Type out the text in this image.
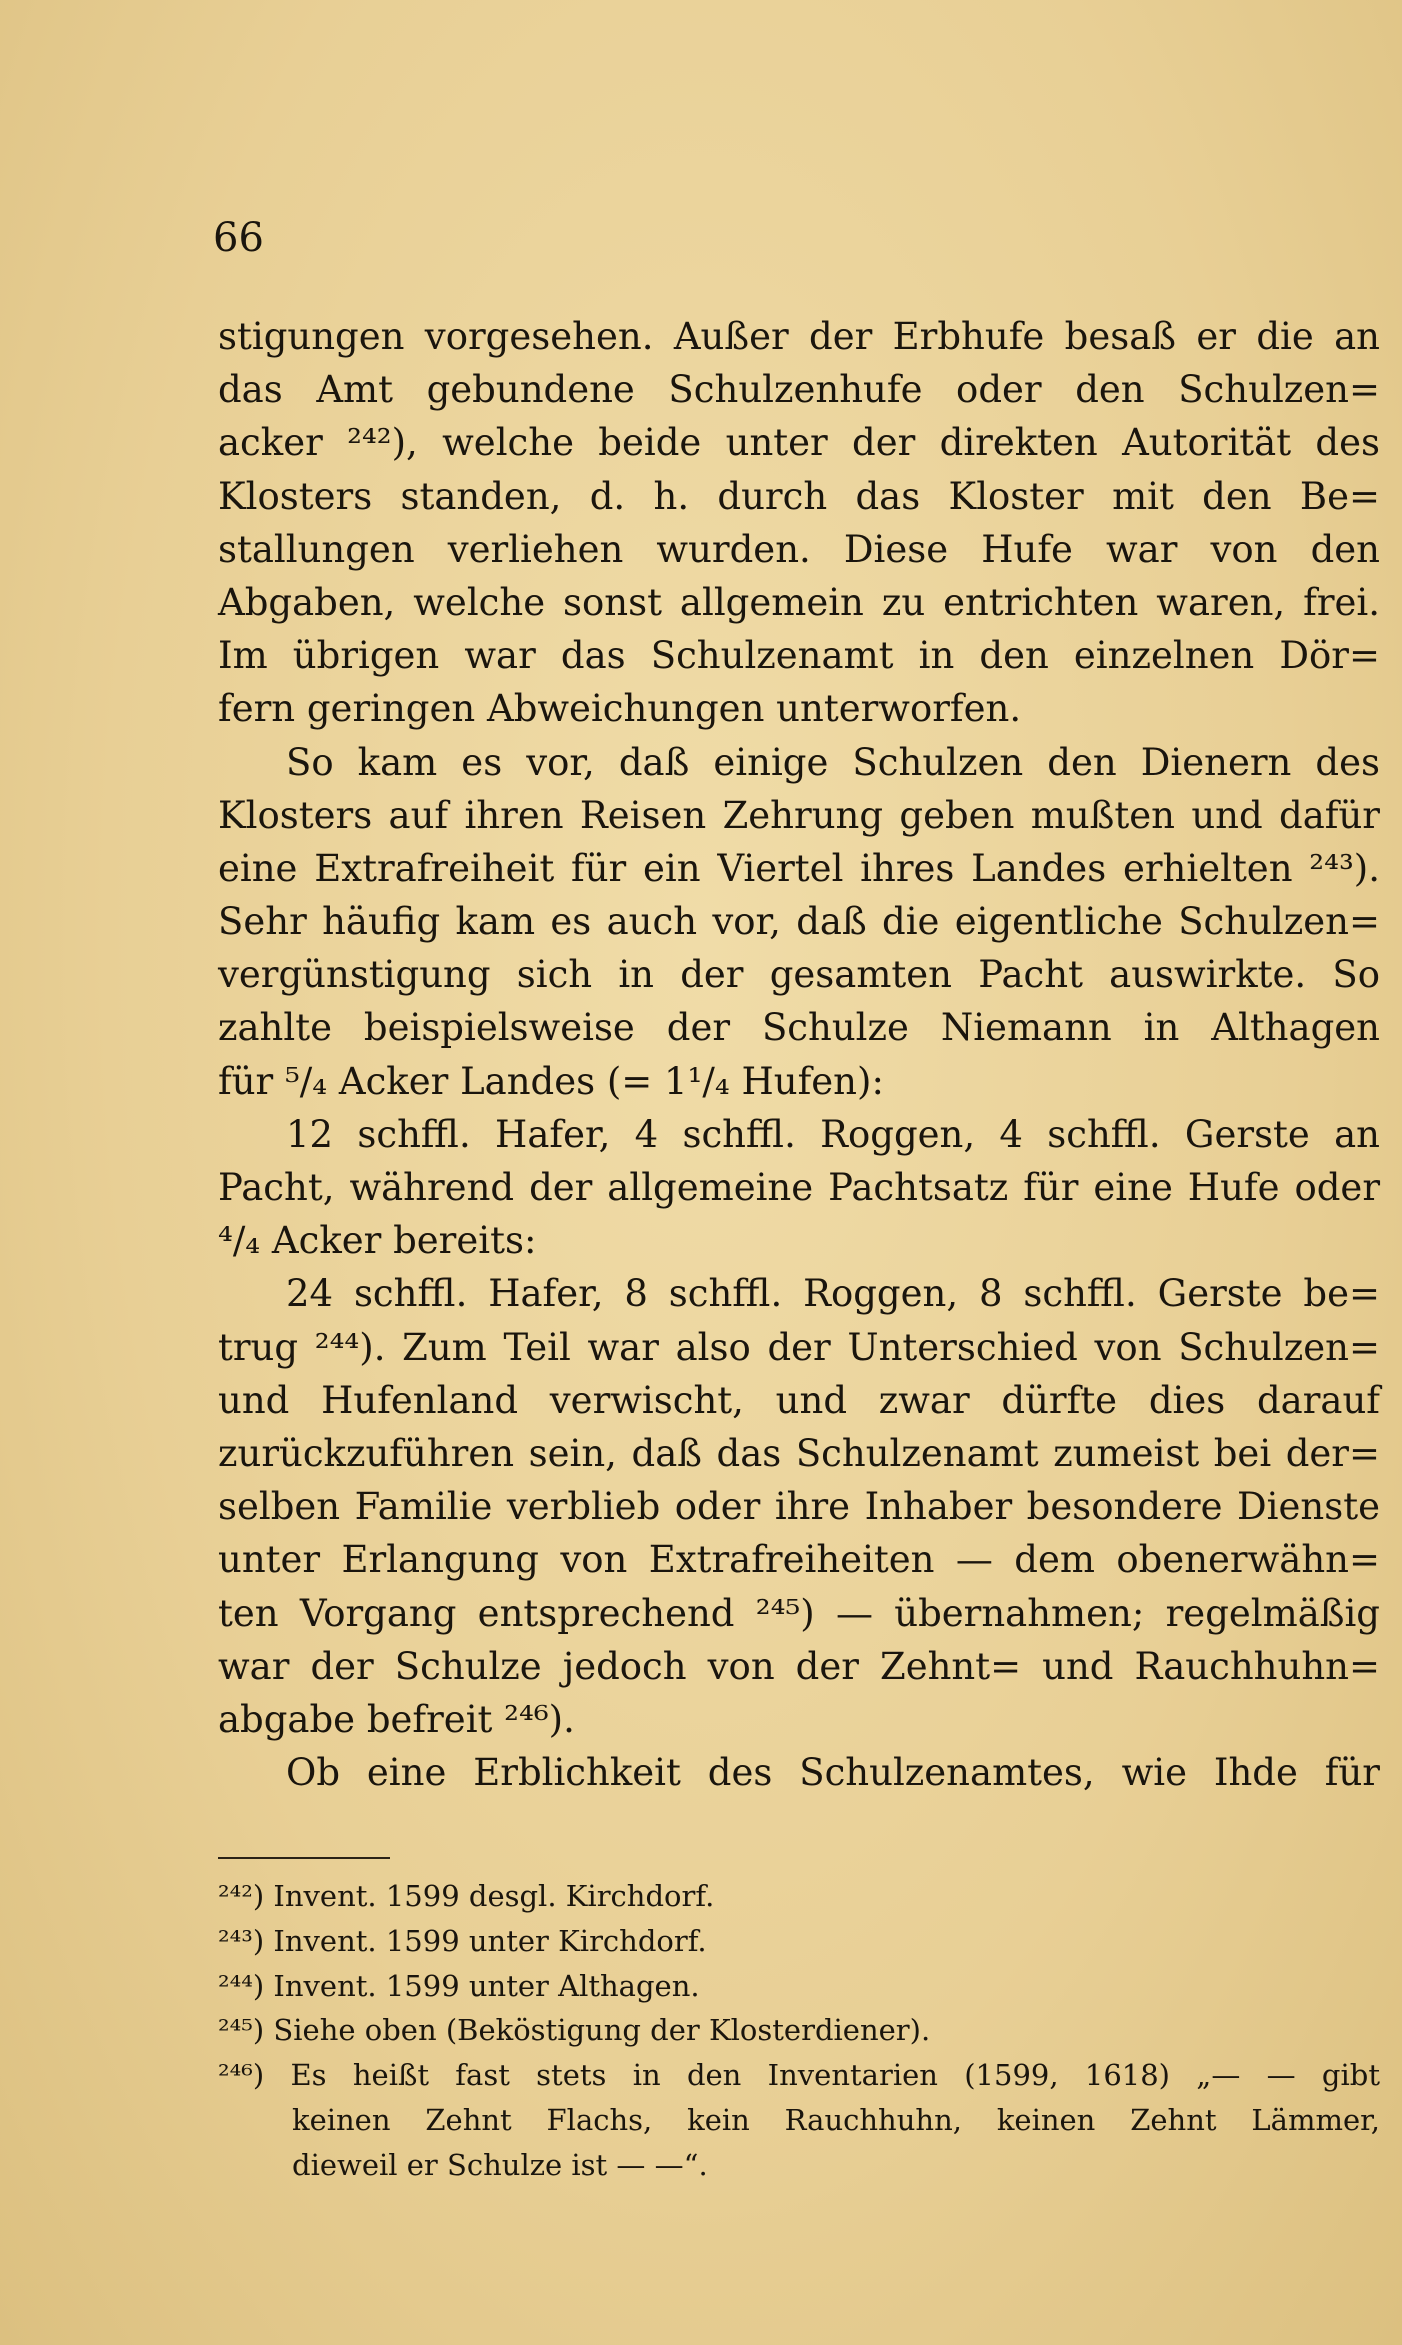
66
stigungen vorgesehen. Außer der Erbhufe besaß er die an
das Amt gebundene Schulzenhufe oder den Schulzen=
acker ²⁴²), welche beide unter der direkten Autorität des
Klosters standen, d. h. durch das Kloster mit den Be=
stallungen verliehen wurden. Diese Hufe war von den
Abgaben, welche sonst allgemein zu entrichten waren, frei.
Im übrigen war das Schulzenamt in den einzelnen Dör=
fern geringen Abweichungen unterworfen.
So kam es vor, daß einige Schulzen den Dienern des
Klosters auf ihren Reisen Zehrung geben mußten und dafür
eine Extrafreiheit für ein Viertel ihres Landes erhielten ²⁴³).
Sehr häufig kam es auch vor, daß die eigentliche Schulzen=
vergünstigung sich in der gesamten Pacht auswirkte. So
zahlte beispielsweise der Schulze Niemann in Althagen
für ⁵/₄ Acker Landes (= 1¹/₄ Hufen):
12 schffl. Hafer, 4 schffl. Roggen, 4 schffl. Gerste an
Pacht, während der allgemeine Pachtsatz für eine Hufe oder
⁴/₄ Acker bereits:
24 schffl. Hafer, 8 schffl. Roggen, 8 schffl. Gerste be=
trug ²⁴⁴). Zum Teil war also der Unterschied von Schulzen=
und Hufenland verwischt, und zwar dürfte dies darauf
zurückzuführen sein, daß das Schulzenamt zumeist bei der=
selben Familie verblieb oder ihre Inhaber besondere Dienste
unter Erlangung von Extrafreiheiten — dem obenerwähn=
ten Vorgang entsprechend ²⁴⁵) — übernahmen; regelmäßig
war der Schulze jedoch von der Zehnt= und Rauchhuhn=
abgabe befreit ²⁴⁶).
Ob eine Erblichkeit des Schulzenamtes, wie Ihde für
²⁴²) Invent. 1599 desgl. Kirchdorf.
²⁴³) Invent. 1599 unter Kirchdorf.
²⁴⁴) Invent. 1599 unter Althagen.
²⁴⁵) Siehe oben (Beköstigung der Klosterdiener).
²⁴⁶) Es heißt fast stets in den Inventarien (1599, 1618) „— — gibt
keinen Zehnt Flachs, kein Rauchhuhn, keinen Zehnt Lämmer,
dieweil er Schulze ist — —“.
